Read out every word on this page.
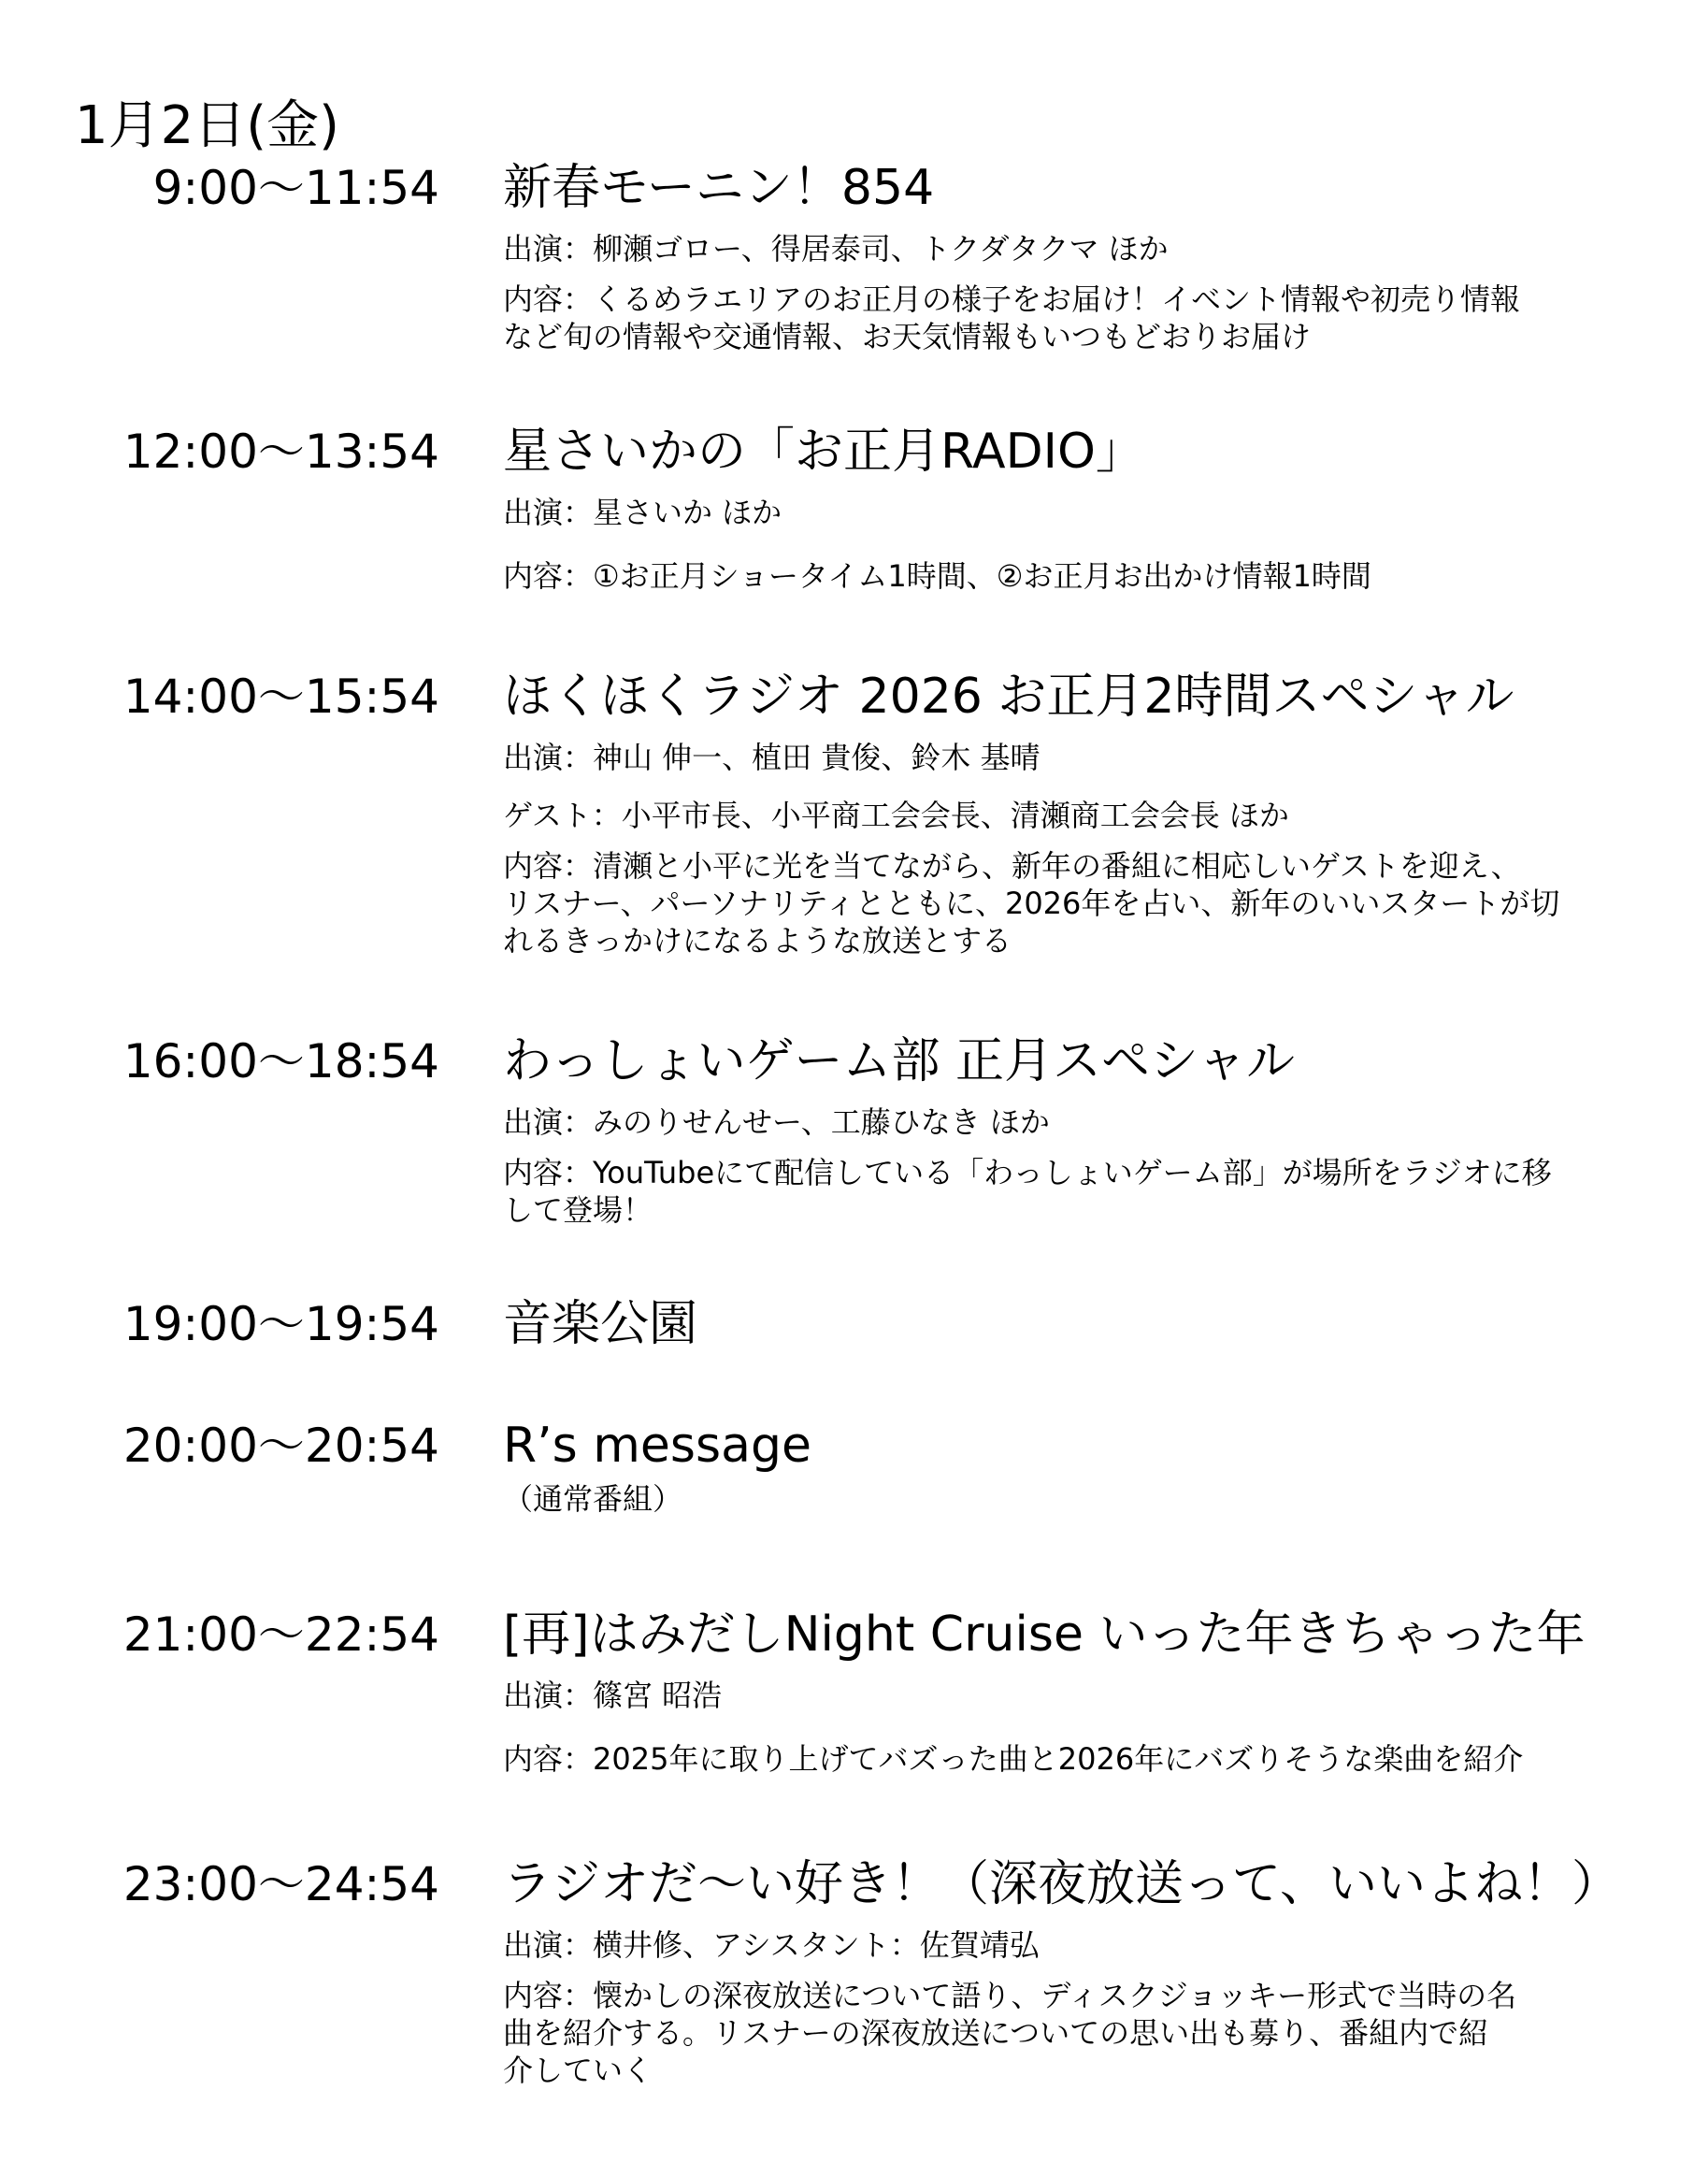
1月2日(金)
9:00～11:54 新春モーニン！854
出演：柳瀬ゴロー、得居泰司、トクダタクマ ほか
内容：くるめラエリアのお正月の様子をお届け！イベント情報や初売り情報
など旬の情報や交通情報、お天気情報もいつもどおりお届け
12:00～13:54 星さいかの「お正月RADIO」
出演：星さいか ほか
内容：①お正月ショータイム1時間、②お正月お出かけ情報1時間
14:00～15:54 ほくほくラジオ 2026 お正月2時間スペシャル
出演：神山 伸一、植田 貴俊、鈴木 基晴
ゲスト：小平市長、小平商工会会長、清瀬商工会会長 ほか
内容：清瀬と小平に光を当てながら、新年の番組に相応しいゲストを迎え、
リスナー、パーソナリティとともに、2026年を占い、新年のいいスタートが切
れるきっかけになるような放送とする
16:00～18:54 わっしょいゲーム部 正月スペシャル
出演：みのりせんせー、工藤ひなき ほか
内容：YouTubeにて配信している「わっしょいゲーム部」が場所をラジオに移
して登場！
19:00～19:54 音楽公園
20:00～20:54 R’s message
（通常番組）
21:00～22:54 [再]はみだしNight Cruise いった年きちゃった年
出演：篠宮 昭浩
内容：2025年に取り上げてバズった曲と2026年にバズりそうな楽曲を紹介
23:00～24:54 ラジオだ～い好き！（深夜放送って、いいよね！）
出演：横井修、アシスタント：佐賀靖弘
内容：懐かしの深夜放送について語り、ディスクジョッキー形式で当時の名
曲を紹介する。リスナーの深夜放送についての思い出も募り、番組内で紹
介していく
